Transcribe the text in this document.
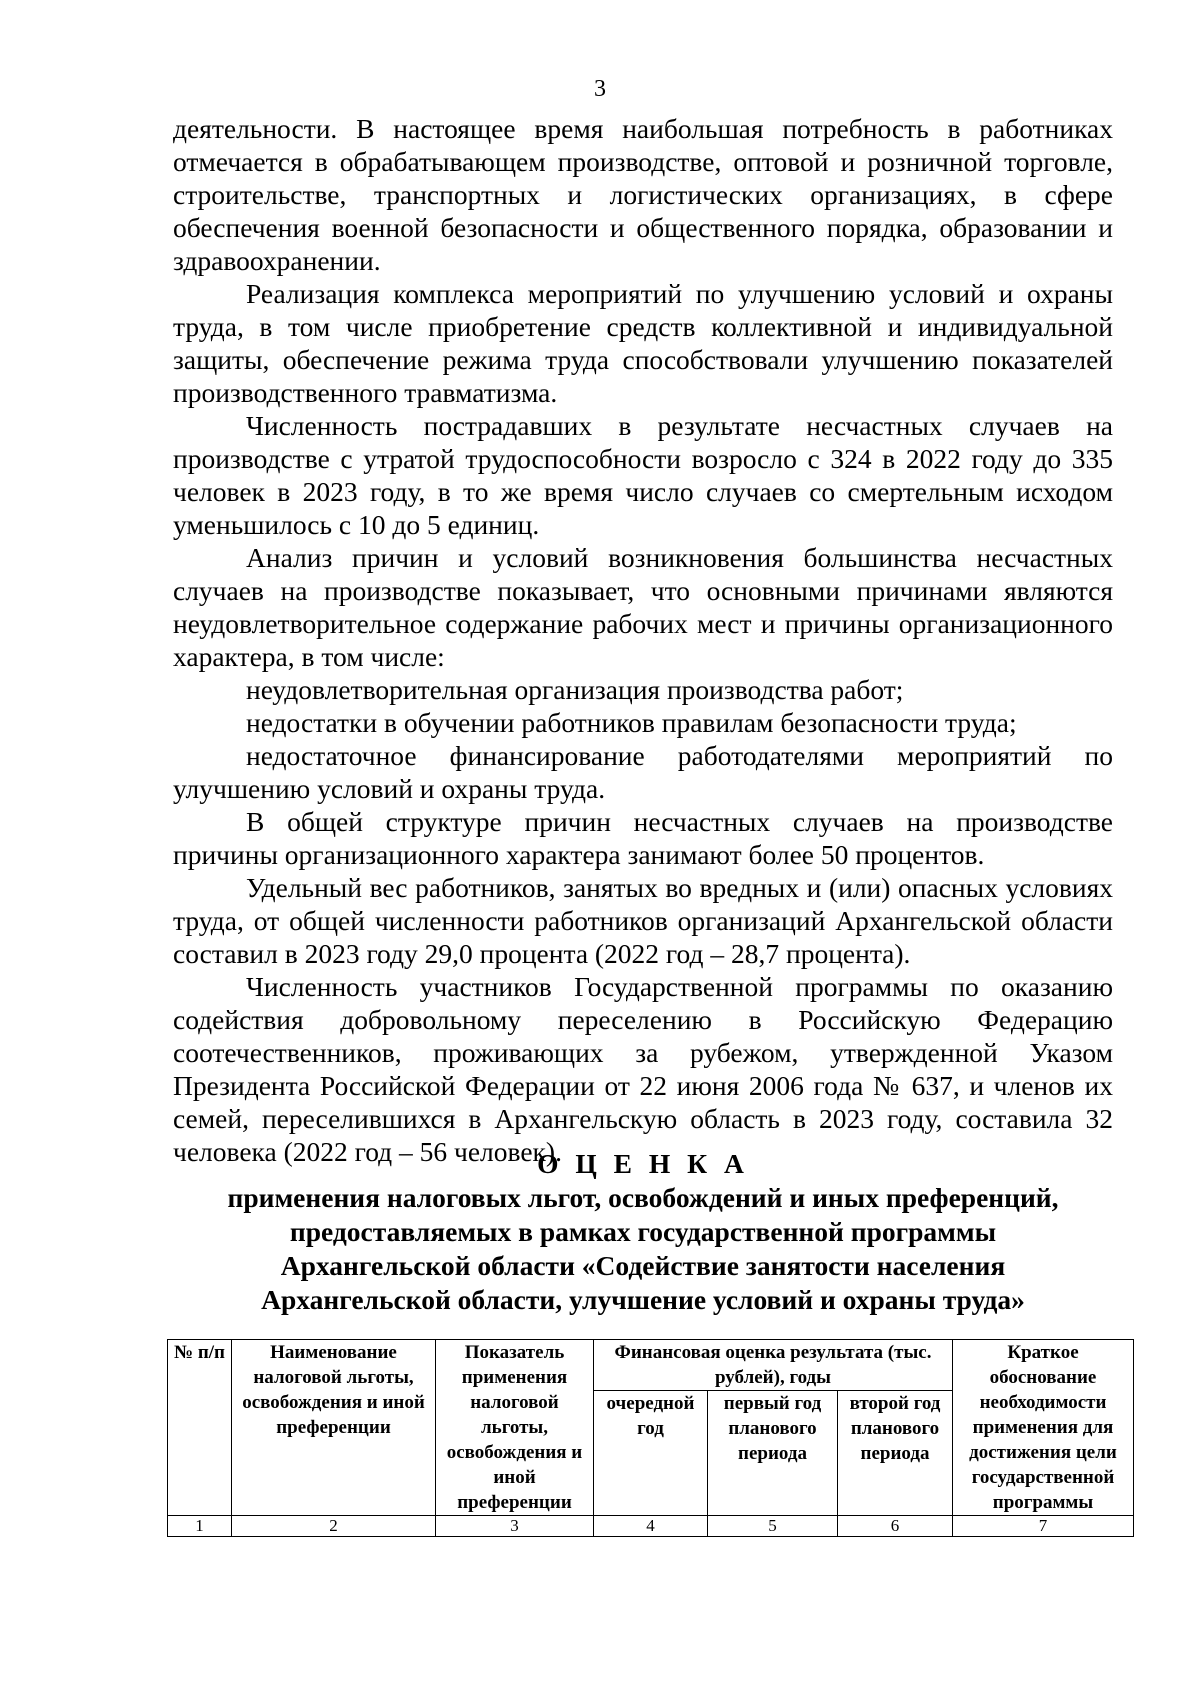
3

деятельности. В настоящее время наибольшая потребность в работниках отмечается в обрабатывающем производстве, оптовой и розничной торговле, строительстве, транспортных и логистических организациях, в сфере обеспечения военной безопасности и общественного порядка, образовании и здравоохранении.

Реализация комплекса мероприятий по улучшению условий и охраны труда, в том числе приобретение средств коллективной и индивидуальной защиты, обеспечение режима труда способствовали улучшению показателей производственного травматизма.

Численность пострадавших в результате несчастных случаев на производстве с утратой трудоспособности возросло с 324 в 2022 году до 335 человек в 2023 году, в то же время число случаев со смертельным исходом уменьшилось с 10 до 5 единиц.

Анализ причин и условий возникновения большинства несчастных случаев на производстве показывает, что основными причинами являются неудовлетворительное содержание рабочих мест и причины организационного характера, в том числе:

неудовлетворительная организация производства работ;

недостатки в обучении работников правилам безопасности труда;

недостаточное финансирование работодателями мероприятий по улучшению условий и охраны труда.

В общей структуре причин несчастных случаев на производстве причины организационного характера занимают более 50 процентов.

Удельный вес работников, занятых во вредных и (или) опасных условиях труда, от общей численности работников организаций Архангельской области составил в 2023 году 29,0 процента (2022 год – 28,7 процента).

Численность участников Государственной программы по оказанию содействия добровольному переселению в Российскую Федерацию соотечественников, проживающих за рубежом, утвержденной Указом Президента Российской Федерации от 22 июня 2006 года № 637, и членов их семей, переселившихся в Архангельскую область в 2023 году, составила 32 человека (2022 год – 56 человек).

О Ц Е Н К А
применения налоговых льгот, освобождений и иных преференций,
предоставляемых в рамках государственной программы
Архангельской области «Содействие занятости населения
Архангельской области, улучшение условий и охраны труда»
№ п/п	Наименование налоговой льготы, освобождения и иной преференции	Показатель применения налоговой льготы, освобождения и иной преференции	Финансовая оценка результата (тыс. рублей), годы			Краткое обоснование необходимости применения для достижения цели государственной программы
			очередной год	первый год планового периода	второй год планового периода	
1	2	3	4	5	6	7
